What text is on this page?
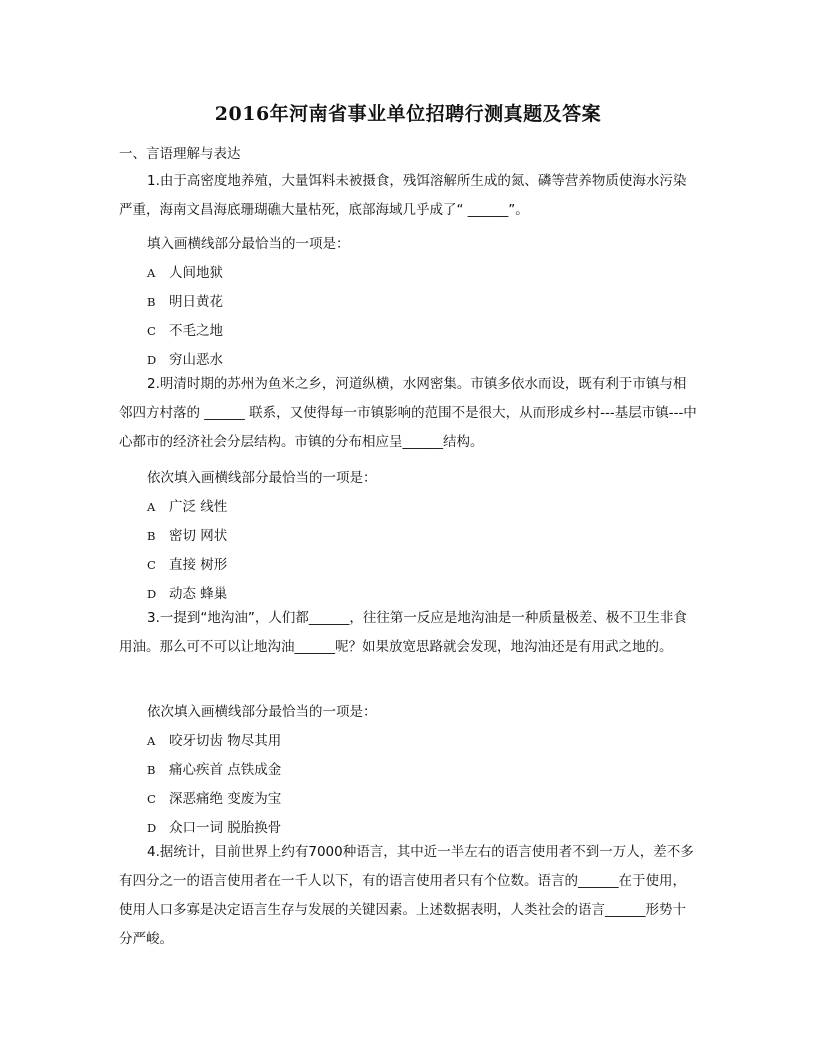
2016年河南省事业单位招聘行测真题及答案
一、言语理解与表达

1.由于高密度地养殖，大量饵料未被摄食，残饵溶解所生成的氮、磷等营养物质使海水污染严重，海南文昌海底珊瑚礁大量枯死，底部海域几乎成了“ ______”。

填入画横线部分最恰当的一项是：
A 人间地狱
B 明日黄花
C 不毛之地
D 穷山恶水

2.明清时期的苏州为鱼米之乡，河道纵横，水网密集。市镇多依水而设，既有利于市镇与相邻四方村落的 ______ 联系，又使得每一市镇影响的范围不是很大，从而形成乡村---基层市镇---中心都市的经济社会分层结构。市镇的分布相应呈______结构。

依次填入画横线部分最恰当的一项是：
A 广泛 线性
B 密切 网状
C 直接 树形
D 动态 蜂巢

3.一提到“地沟油”，人们都______，往往第一反应是地沟油是一种质量极差、极不卫生非食用油。那么可不可以让地沟油______呢？如果放宽思路就会发现，地沟油还是有用武之地的。

依次填入画横线部分最恰当的一项是：
A 咬牙切齿 物尽其用
B 痛心疾首 点铁成金
C 深恶痛绝 变废为宝
D 众口一词 脱胎换骨

4.据统计，目前世界上约有7000种语言，其中近一半左右的语言使用者不到一万人，差不多有四分之一的语言使用者在一千人以下，有的语言使用者只有个位数。语言的______在于使用，使用人口多寡是决定语言生存与发展的关键因素。上述数据表明，人类社会的语言______形势十分严峻。
